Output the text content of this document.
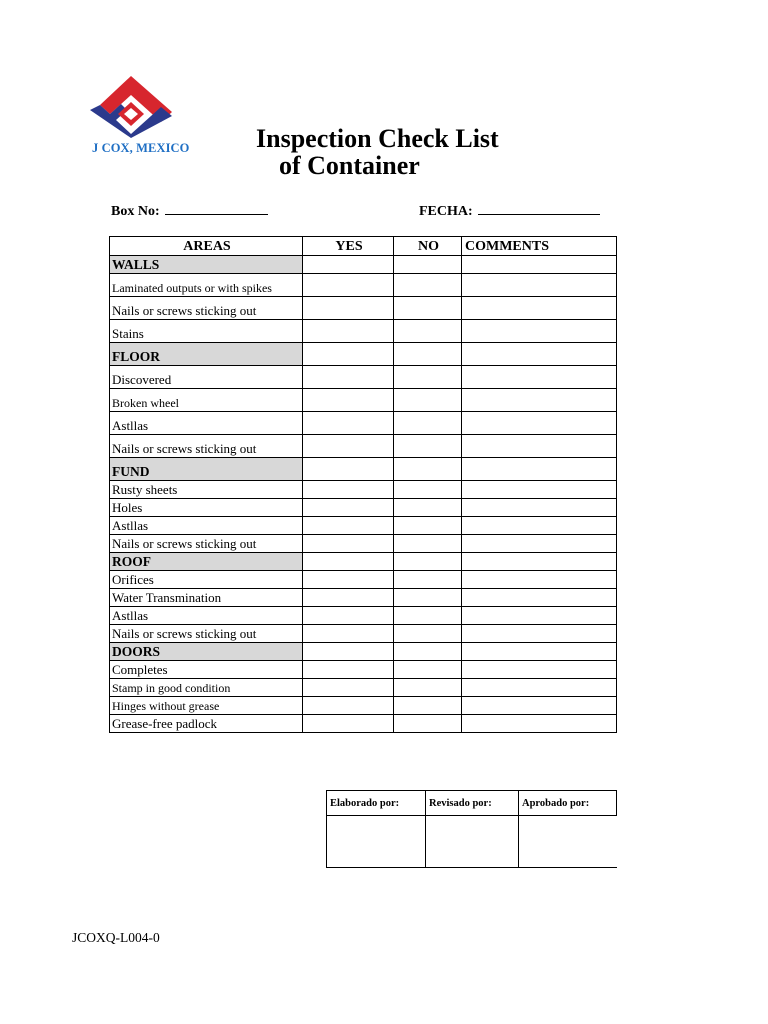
J COX, MEXICO	Inspection Check List
of Container
Box No:	FECHA:
AREAS	YES	NO	COMMENTS
WALLS			
Laminated outputs or with spikes			
Nails or screws sticking out			
Stains			
FLOOR			
Discovered			
Broken wheel			
Astllas			
Nails or screws sticking out			
FUND			
Rusty sheets			
Holes			
Astllas			
Nails or screws sticking out			
ROOF			
Orifices			
Water Transmination			
Astllas			
Nails or screws sticking out			
DOORS			
Completes			
Stamp in good condition			
Hinges without grease			
Grease-free padlock			
Elaborado por:	Revisado por:	Aprobado por:

JCOXQ-L004-0
